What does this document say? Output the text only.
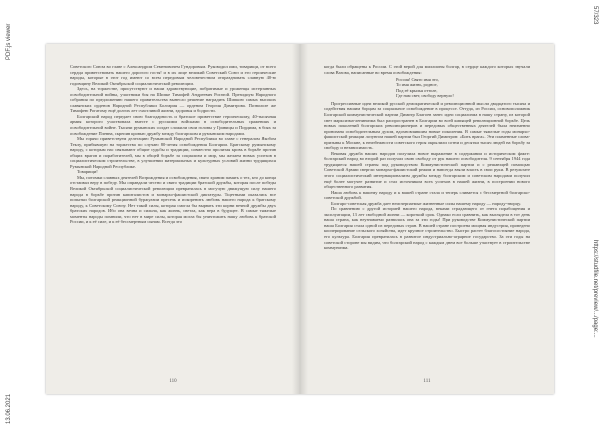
13.06.2021
PDF.js viewer
https://studfile.net/preview/.../page:...
57/323

Советского Союза во главе с Александром Семеновичем Гундоровым. Руководил ими, товарищи, от всего сердца приветствовать нашего дорогого гостя! и в их лице великий Советский Союз и его героические народы, которые в этот год имеют со всем передовым человечеством отпраздновать славную 40-ю годовщину Великой Октябрьской социалистической революции.

Здесь, на торжестве, присутствуют и наши здравствующие, побратимые и уроженцы истерзанных освободительной войны, участники боя на Шипке Тимофей Андреевич Рогатой. Президиум Народного собрания по предложению нашего правительства вынесло решение наградить Шипкою самых высоких славянских орденов Народной Республики Болгария — орденом Георгия Димитрова. Позвольте же Тимофею Рогатому ещё долгих лет счастливой жизни, здоровья и бодрости.

Болгарский народ передает свою благодарность и братское приветствие героическому, 40-тысячная армия которого участвовала вместе с русскими войсками в освободительных сражениях и освободительной войне. Тысячи румынских солдат сложили свои головы у Гривицы и Пордима, в боях за освобождение Плевна, скрепив кровью дружбу между болгарским и румынским народами.

Мы горячо приветствуем делегацию Румынской Народной Республики во главе с генералом Якобом Теклу, прибывшую на торжества по случаю 80-летия освобождения Болгарии. Братскому румынскому народу, с которым нас связывают общие судьбы и традиции, совместно пролитая кровь в борьбе против общих врагов и поработителей, мы в общей борьбе за социализм и мир, мы желаем новых успехов в социалистическом строительстве, в улучшении материальных и культурных условий жизни трудящихся Румынской Народной Республике.

Товарищи!

Мы, потомки славных деятелей Возрождения и освобождения, свято храним память о тех, кто до конца отстаивал веру в победу. Мы оправдали честно и свято традиции братской дружбы, которая после победы Великой Октябрьской социалистической революции превратилась в могучую движущую силу нашего народа в борьбе против капиталистов и монархо-фашистской диктатуры. Тщетными оказались все попытки болгарской реакционной буржуазии пресечь и искоренить любовь нашего народа к братскому народу, к Советскому Союзу. Нет такой силы, которая смогла бы вырвать эти корни вечной дружбы двух братских народов. Ибо она вечна и сильна, как жизнь, светла, как вера в будущее. В самые тяжелые моменты народы помнили, что нет в мире силы, которая могла бы уничтожить нашу любовь к братской России, и к её силе, и к её бессмертным сынам. Всегда это

110

когда были обращены к России. С этой верой для миллионы болгар, в сердце каждого которых звучали слова Вазова, написанные во время освобождения:

Россия! Свято имя это,
То имя жизнь, родное,
Под её крылья оттоле,
Где нам свет, свободу вернуло!

Прогрессивные идеи великой русской демократической и революционной мысли двадцатого тысяча и содействия нашим борцам за социальное освобождение в процессе. Оттуда, из России, основоположник Болгарской коммунистической партии Димитр Благоев занес идеи социализма в нашу страну, из которой свет марксизма-ленинизма был распространен в Болгарии во всей кипящей революционной борьбе. Цель новых поколений болгарских революционеров и передовых общественных деятелей была неизменно пронизана освободительным духом, вдохновлявшим новые поколения. В самые тяжелые годы монархо-фашистской реакции лозунгом нашей партии был Георгий Димитров: «Бить врага». Эти пламенные слова-призывы к Москве, к неизбежности советского героя окрылили сотни и десятки тысяч людей на борьбу за свободу и независимость.

Вековая дружба наших народов получила новое выражение в содержании и историческом факте: болгарский народ во второй раз получил свою свободу от рук нашего освободителя. 9 сентября 1944 года трудящиеся нашей страны под руководством Коммунистической партии и с решающей помощью Советской Армии свергли монархо-фашистский режим и навсегда взяли власть в свои руки. В результате этого социалистический интернационализм дружбы между болгарским и советским народами получил ещё более могучее развитие и стал источником всех успехов в нашей жизни, в построении нового общественного развития.

Наша любовь к вашему народу и к вашей стране стала и теперь сливается с бессмертной болгарско-советской дружбой.

Болгаро-советская дружба дает неисчерпаемые жизненные силы нашему народу — народу-творцу.

По сравнению с другой историей нашего народа, веками страдающего от гнета порабощения и эксплуатации, 13 лет свободной жизни — короткий срок. Однако если сравнить, как выглядела в тот день наша страна, как неузнаваемо развилась она за эти годы! При руководстве Коммунистической партии наша Болгария стала одной из передовых стран. В нашей стране построена мощная индустрия, проведено кооперирование сельского хозяйства, идет крупное строительство. Быстро растет благосостояние народа, его культура. Болгария превратилась в развитое индустриально-аграрное государство. За эти годы на советской стороне мы видим, что болгарский народ с каждым днем все больше участвует в строительстве коммунизма.

111
